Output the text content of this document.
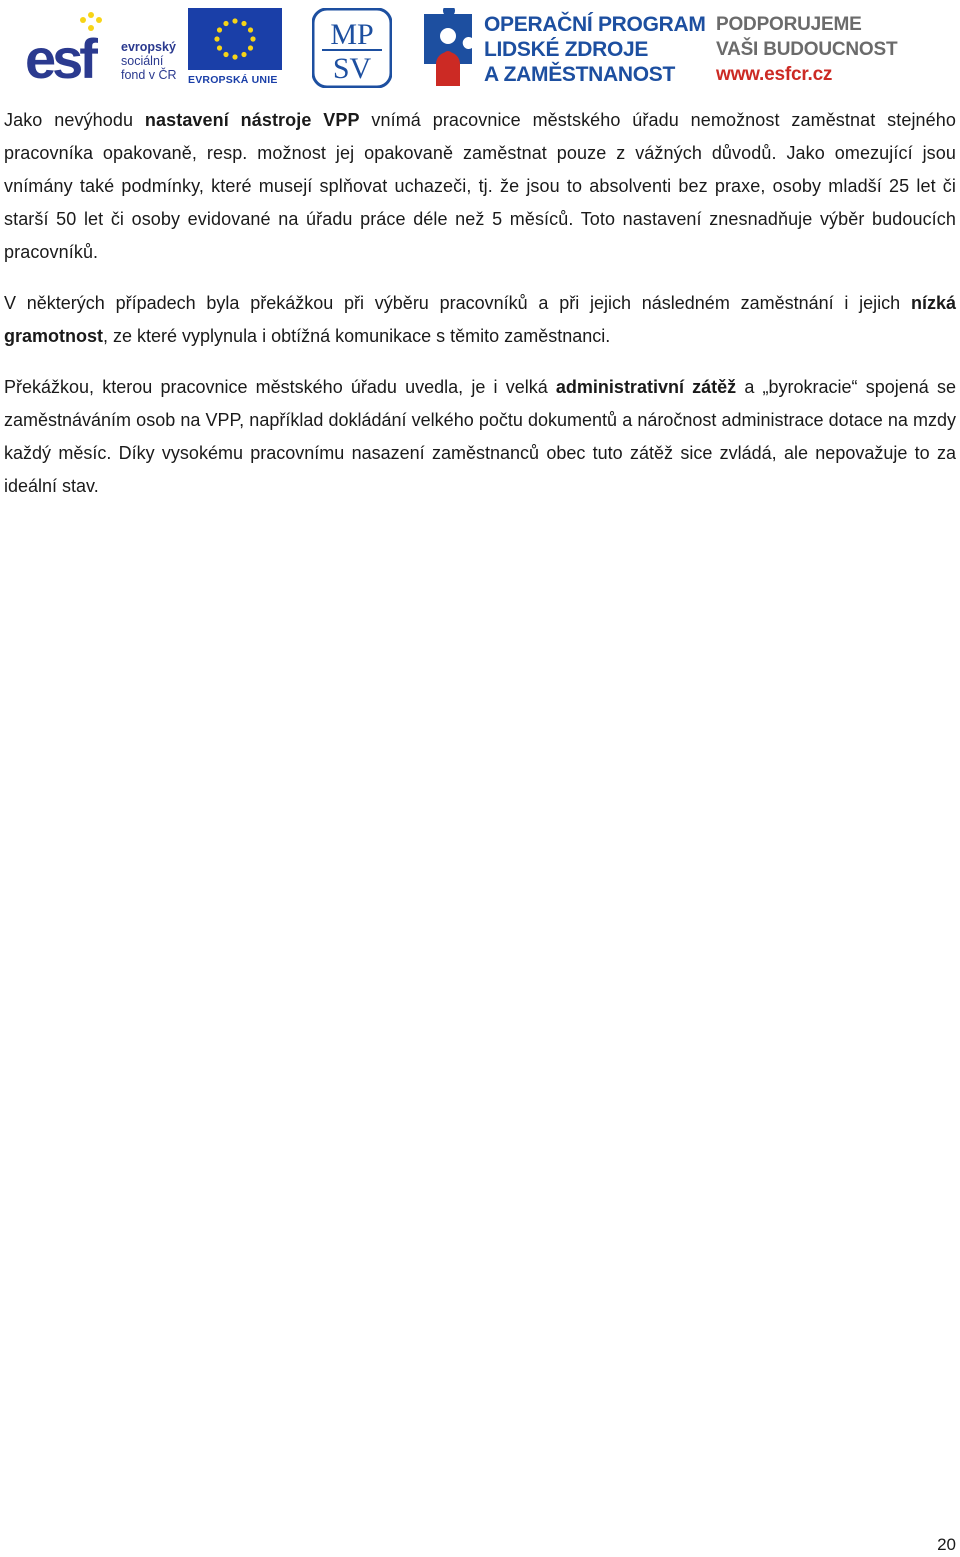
esf	evropský
sociální
fond v ČR EVROPSKÁ UNIE
MP
SV
OPERAČNÍ PROGRAM
LIDSKÉ ZDROJE
A ZAMĚSTNANOST
PODPORUJEME
VAŠI BUDOUCNOST
www.esfcr.cz

Jako nevýhodu nastavení nástroje VPP vnímá pracovnice městského úřadu nemožnost zaměstnat stejného pracovníka opakovaně, resp. možnost jej opakovaně zaměstnat pouze z vážných důvodů. Jako omezující jsou vnímány také podmínky, které musejí splňovat uchazeči, tj. že jsou to absolventi bez praxe, osoby mladší 25 let či starší 50 let či osoby evidované na úřadu práce déle než 5 měsíců. Toto nastavení znesnadňuje výběr budoucích pracovníků.

V některých případech byla překážkou při výběru pracovníků a při jejich následném zaměstnání i jejich nízká gramotnost, ze které vyplynula i obtížná komunikace s těmito zaměstnanci.

Překážkou, kterou pracovnice městského úřadu uvedla, je i velká administrativní zátěž a „byrokracie“ spojená se zaměstnáváním osob na VPP, například dokládání velkého počtu dokumentů a náročnost administrace dotace na mzdy každý měsíc. Díky vysokému pracovnímu nasazení zaměstnanců obec tuto zátěž sice zvládá, ale nepovažuje to za ideální stav.

20
